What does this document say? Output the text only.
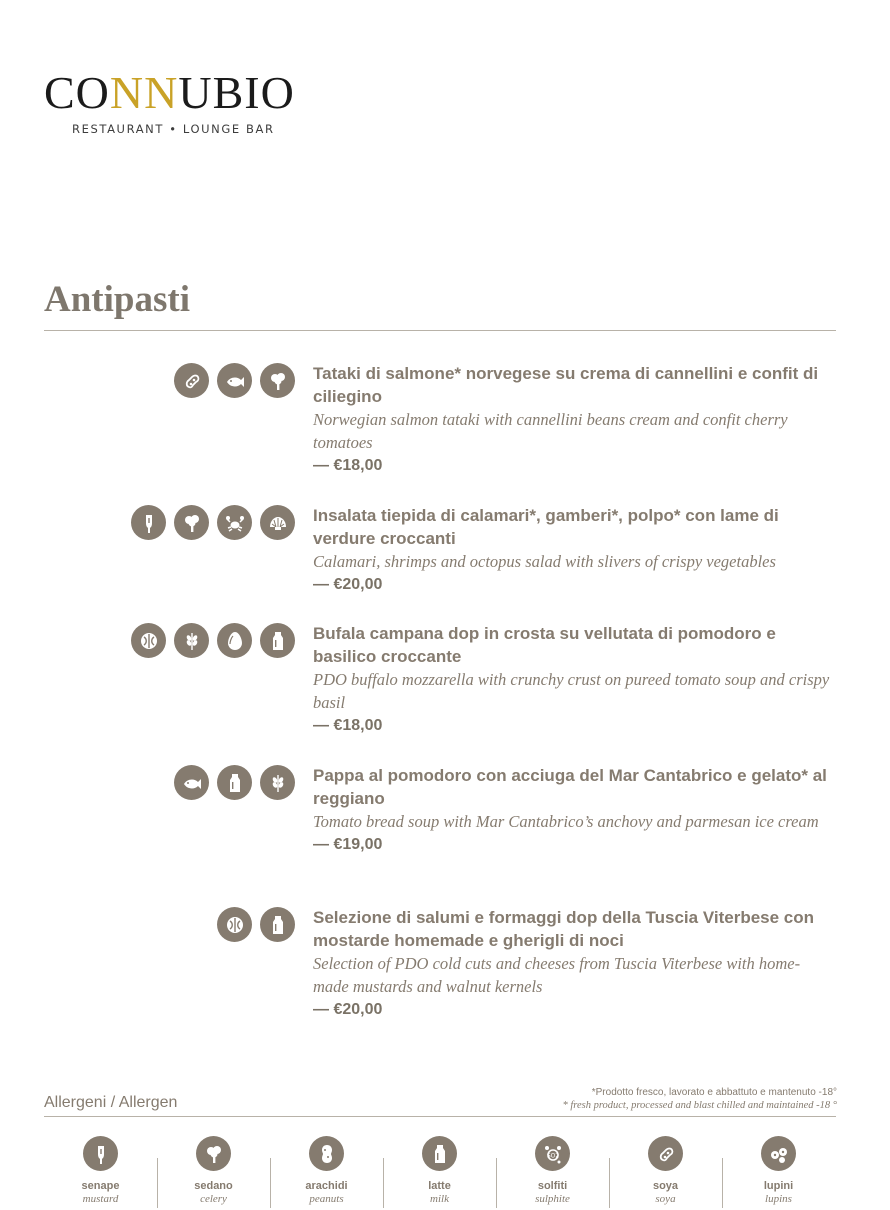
CONNUBIO
RESTAURANT • LOUNGE BAR
Antipasti
Tataki di salmone* norvegese su crema di cannellini e confit di ciliegino
Norwegian salmon tataki with cannellini beans cream and confit cherry tomatoes
— €18,00
Insalata tiepida di calamari*, gamberi*, polpo* con lame di verdure croccanti
Calamari, shrimps and octopus salad with slivers of crispy vegetables
— €20,00
Bufala campana dop in crosta su vellutata di pomodoro e basilico croccante
PDO buffalo mozzarella with crunchy crust on pureed tomato soup and crispy basil
— €18,00
Pappa al pomodoro con acciuga del Mar Cantabrico e gelato* al reggiano
Tomato bread soup with Mar Cantabrico’s anchovy and parmesan ice cream
— €19,00
Selezione di salumi e formaggi dop della Tuscia Viterbese con mostarde homemade e gherigli di noci
Selection of PDO cold cuts and cheeses from Tuscia Viterbese with home-made mustards and walnut kernels
— €20,00
Allergeni / Allergen
*Prodotto fresco, lavorato e abbattuto e mantenuto -18°
* fresh product, processed and blast chilled and maintained -18 °
senape
mustard
sedano
celery
arachidi
peanuts
latte
milk
SO2
solfiti
sulphite
soya
soya
lupini
lupins
